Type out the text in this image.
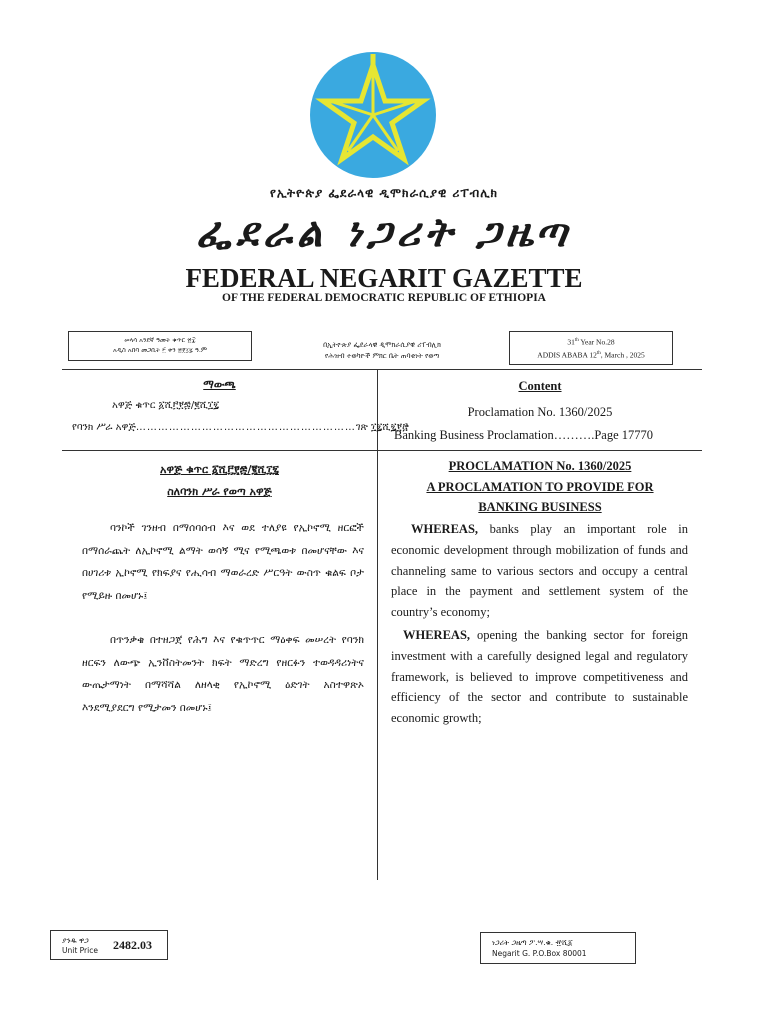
የኢትዮጵያ ፌደራላዊ ዲሞክራሲያዊ ሪፐብሊክ
ፌደራል ነጋሪት ጋዜጣ
FEDERAL NEGARIT GAZETTE
OF THE FEDERAL DEMOCRATIC REPUBLIC OF ETHIOPIA
ሠላሳ አንደኛ ዓመት ቁጥር ፳፰
አዲስ አበባ መጋቢት ፫ ቀን ፳፻፲፯ ዓ.ም
በኢትዮጵያ ፌደራላዊ ዲሞክራሲያዊ ሪፐብሊክ
የሕዝብ ተወካዮች ምክር ቤት ጠባቂነት የወጣ
31th Year No.28
ADDIS ABABA 12th, March , 2025
ማውጫ
አዋጅ ቁጥር ፩ሺ፫፻፷/፪ሺ፲፯
የባንክ ሥራ አዋጅ …………………………………………………… ገጽ ፲፯ሺ፯፻፸
Content
Proclamation No. 1360/2025
Banking Business Proclamation……….Page 17770
አዋጅ ቁጥር ፩ሺ፫፻፷/፪ሺ፲፯
ስለባንክ ሥራ የወጣ አዋጅ
ባንኮች ገንዘብ በማሰባሰብ እና ወደ ተለያዩ የኢኮኖሚ ዘርፎች በማሰራጨት ለኢኮኖሚ ልማት ወሳኝ ሚና የሚጫወቱ በመሆናቸው እና በሀገሪቱ ኢኮኖሚ የክፍያና የሒሳብ ማወራረድ ሥርዓት ውስጥ ቁልፍ ቦታ የሚይዙ በመሆኑ፤
በጥንቃቄ በተዘጋጀ የሕግ እና የቁጥጥር ማዕቀፍ መሠረት የባንክ ዘርፍን ለውጭ ኢንቨስትመንት ክፍት ማድረግ የዘርፉን ተወዳዳሪነትና ውጤታማነት በማሻሻል ለዘላቂ የኢኮኖሚ ዕድገት አስተዋጽኦ እንደሚያደርግ የሚታመን በመሆኑ፤
PROCLAMATION No. 1360/2025
A PROCLAMATION TO PROVIDE FOR
BANKING BUSINESS
WHEREAS, banks play an important role in economic development through mobilization of funds and channeling same to various sectors and occupy a central place in the payment and settlement system of the country’s economy;
WHEREAS, opening the banking sector for foreign investment with a carefully designed legal and regulatory framework, is believed to improve competitiveness and efficiency of the sector and contribute to sustainable economic growth;
ያንዱ ዋጋ
Unit Price 2482.03	ነጋሪት ጋዜጣ ፖ.ሣ.ቁ. ፹ሺ፩
Negarit G. P.O.Box 80001
